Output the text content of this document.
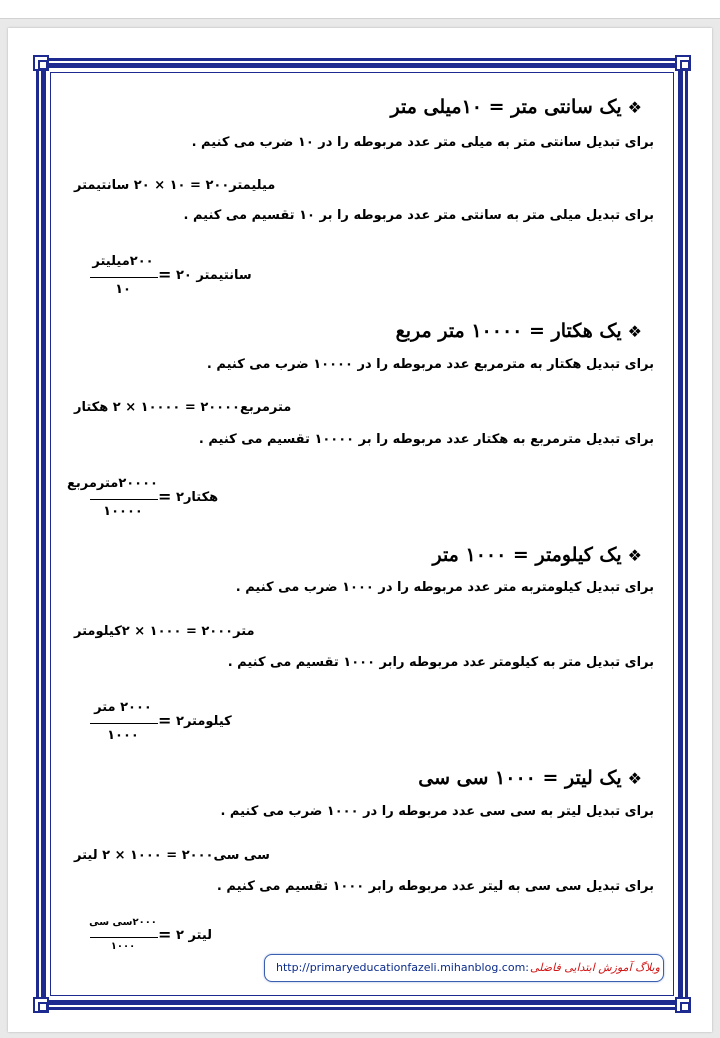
❖یک سانتی متر = ۱۰میلی متر
برای تبدیل سانتی متر به میلی متر عدد مربوطه را در ۱۰ ضرب می کنیم .
میلیمتر۲۰۰ = ۱۰ × ۲۰ سانتیمتر
برای تبدیل میلی متر به سانتی متر عدد مربوطه را بر ۱۰ تقسیم می کنیم .
۲۰۰میلیتر
۱۰
= سانتیمتر ۲۰
❖یک هکتار = ۱۰۰۰۰ متر مربع
برای تبدیل هکتار به مترمربع عدد مربوطه را در ۱۰۰۰۰ ضرب می کنیم .
مترمربع۲۰۰۰۰ = ۱۰۰۰۰ × ۲ هکتار
برای تبدیل مترمربع به هکتار عدد مربوطه را بر ۱۰۰۰۰ تقسیم می کنیم .
۲۰۰۰۰مترمربع
۱۰۰۰۰
= هکتار۲
❖یک کیلومتر = ۱۰۰۰ متر
برای تبدیل کیلومتربه متر عدد مربوطه را در ۱۰۰۰ ضرب می کنیم .
متر۲۰۰۰ = ۱۰۰۰ × ۲کیلومتر
برای تبدیل متر به کیلومتر عدد مربوطه رابر ۱۰۰۰ تقسیم می کنیم .
۲۰۰۰ متر
۱۰۰۰
= کیلومتر۲
❖یک لیتر = ۱۰۰۰ سی سی
برای تبدیل لیتر به سی سی عدد مربوطه را در ۱۰۰۰ ضرب می کنیم .
سی سی۲۰۰۰ = ۱۰۰۰ × ۲ لیتر
برای تبدیل سی سی به لیتر عدد مربوطه رابر ۱۰۰۰ تقسیم می کنیم .
۲۰۰۰سی سی
۱۰۰۰
= لیتر ۲
http://primaryeducationfazeli.mihanblog.com: وبلاگ آموزش ابتدایی فاضلی
